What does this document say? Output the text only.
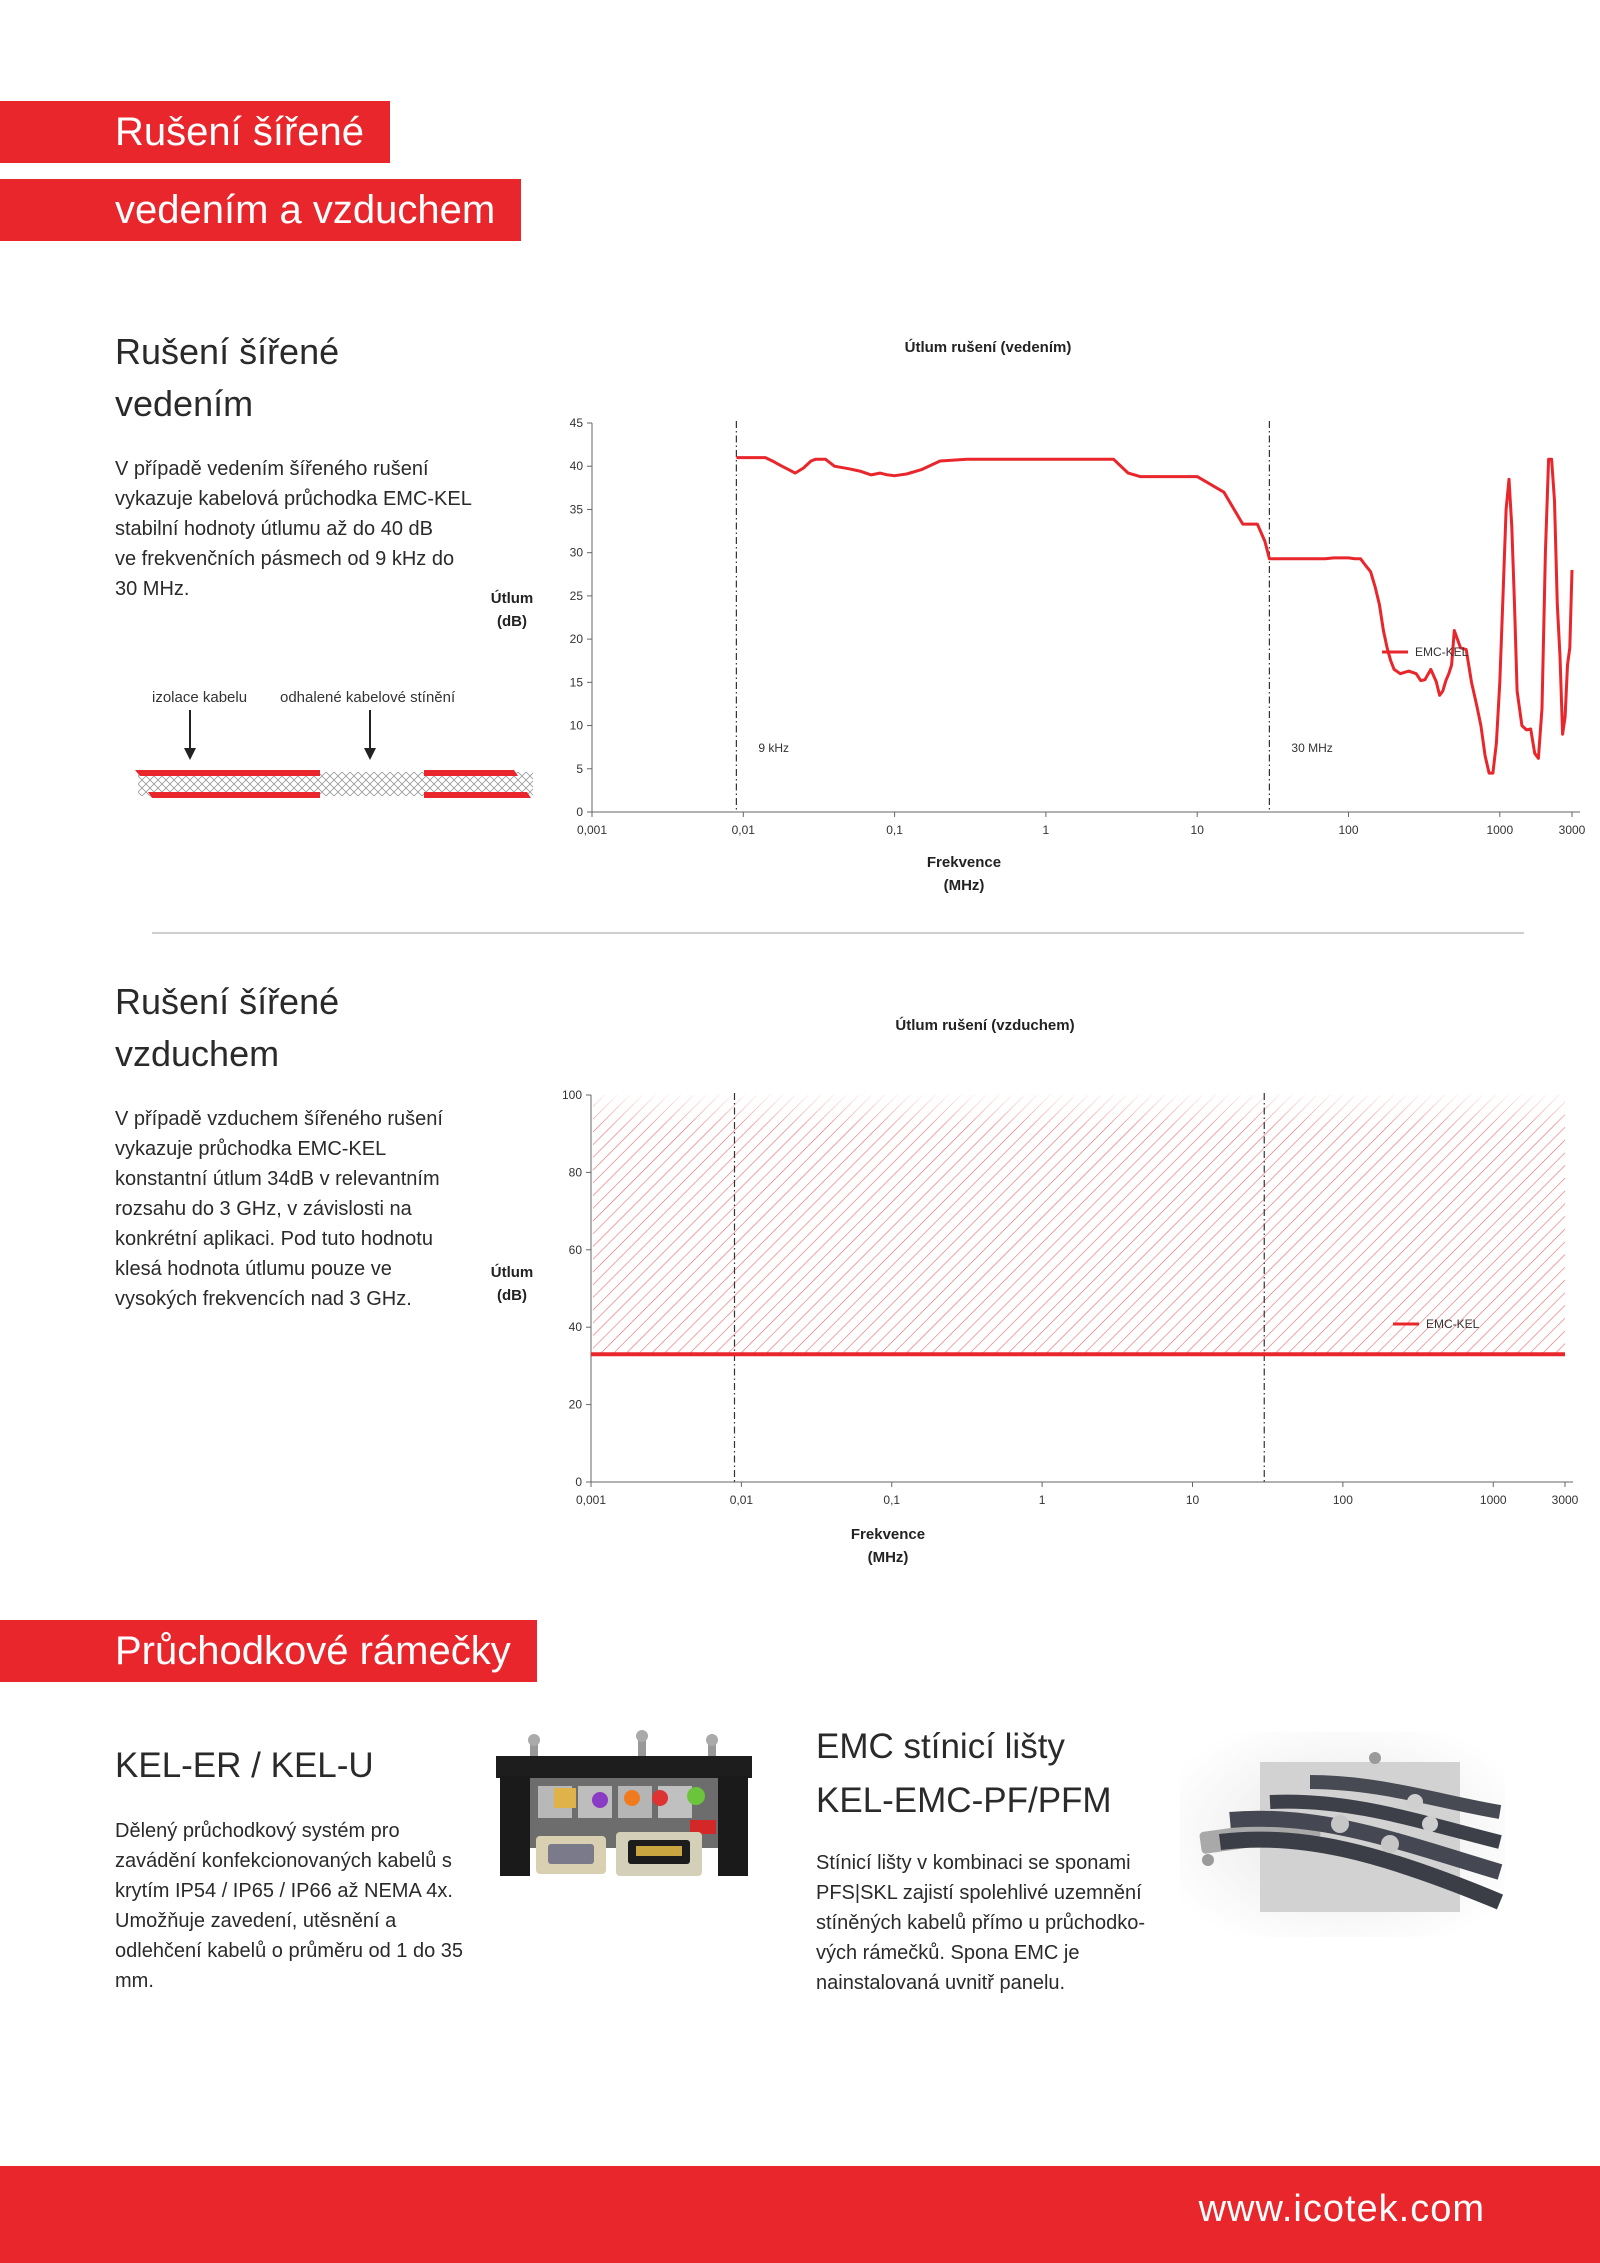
Rušení šířené
vedením a vzduchem
Rušení šířené
vedením
V případě vedením šířeného rušení
vykazuje kabelová průchodka EMC-KEL
stabilní hodnoty útlumu až do 40 dB
ve frekvenčních pásmech od 9 kHz do
30 MHz.
izolace kabelu odhalené kabelové stínění
Útlum rušení (vedením)
Útlum
(dB)
Frekvence
(MHz)
0
5
10
15
20
25
30
35
40
45
0,001	0,01	0,1	1	10	100	1000	3000
9 kHz	30 MHz
EMC-KEL
Rušení šířené
vzduchem
V případě vzduchem šířeného rušení
vykazuje průchodka EMC-KEL
konstantní útlum 34dB v relevantním
rozsahu do 3 GHz, v závislosti na
konkrétní aplikaci. Pod tuto hodnotu
klesá hodnota útlumu pouze ve
vysokých frekvencích nad 3 GHz.
Útlum rušení (vzduchem)
Útlum
(dB)
Frekvence
(MHz)
0
20
40
60
80
100
0,001	0,01	0,1	1	10	100	1000	3000
EMC-KEL
Průchodkové rámečky
KEL-ER / KEL-U
Dělený průchodkový systém pro
zavádění konfekcionovaných kabelů s
krytím IP54 / IP65 / IP66 až NEMA 4x.
Umožňuje zavedení, utěsnění a
odlehčení kabelů o průměru od 1 do 35
mm.
EMC stínicí lišty
KEL-EMC-PF/PFM
Stínicí lišty v kombinaci se sponami
PFS|SKL zajistí spolehlivé uzemnění
stíněných kabelů přímo u průchodko-
vých rámečků. Spona EMC je
nainstalovaná uvnitř panelu.
www.icotek.com
